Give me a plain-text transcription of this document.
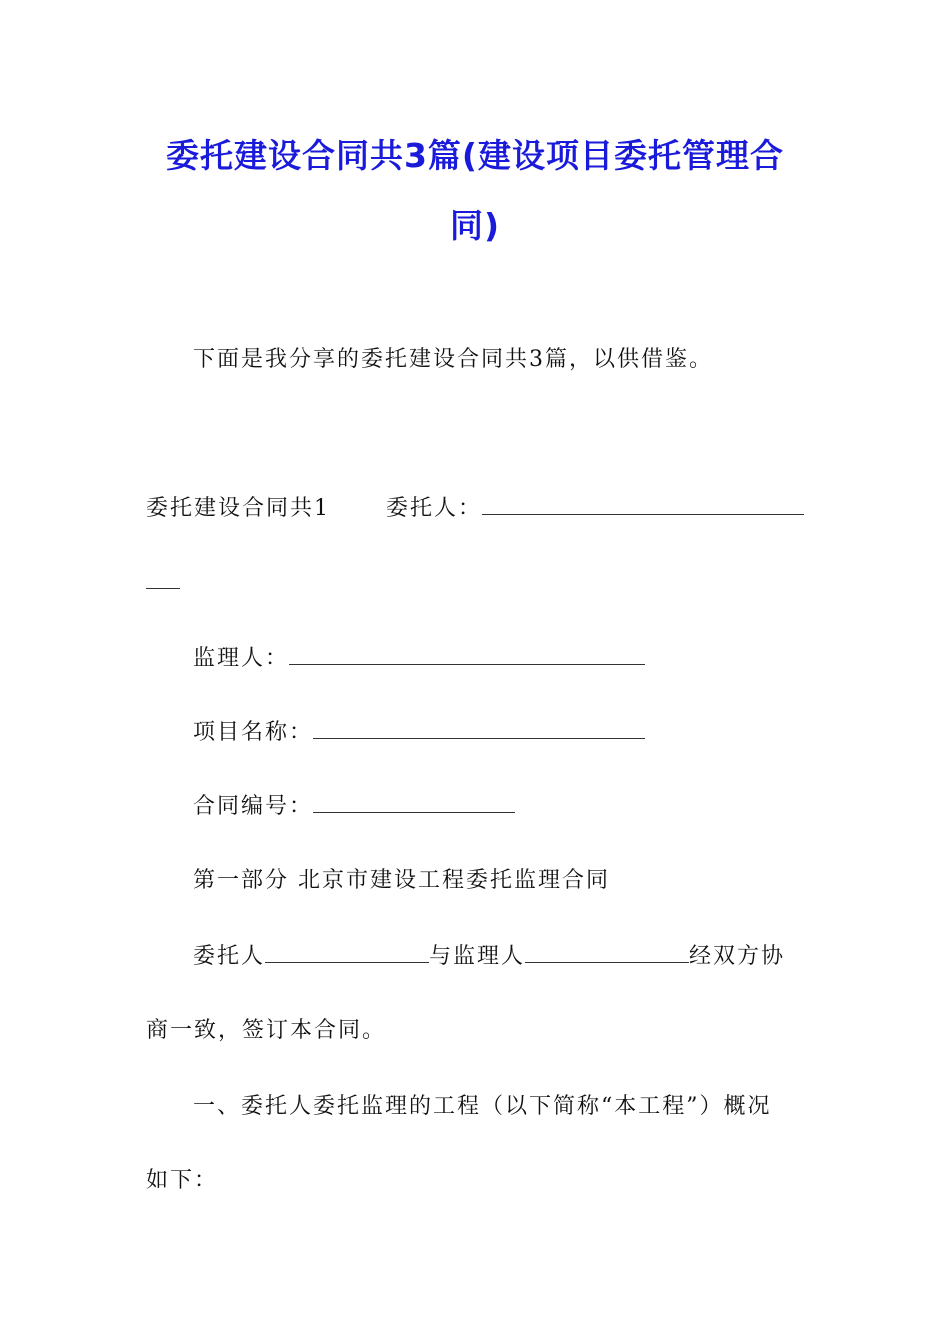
委托建设合同共3篇(建设项目委托管理合
同)
下面是我分享的委托建设合同共3篇，以供借鉴。
委托建设合同共1	委托人：
监理人：
项目名称：
合同编号：
第一部分 北京市建设工程委托监理合同
委托人	与监理人	经双方协
商一致，签订本合同。
一、委托人委托监理的工程（以下简称“本工程”）概况
如下：
